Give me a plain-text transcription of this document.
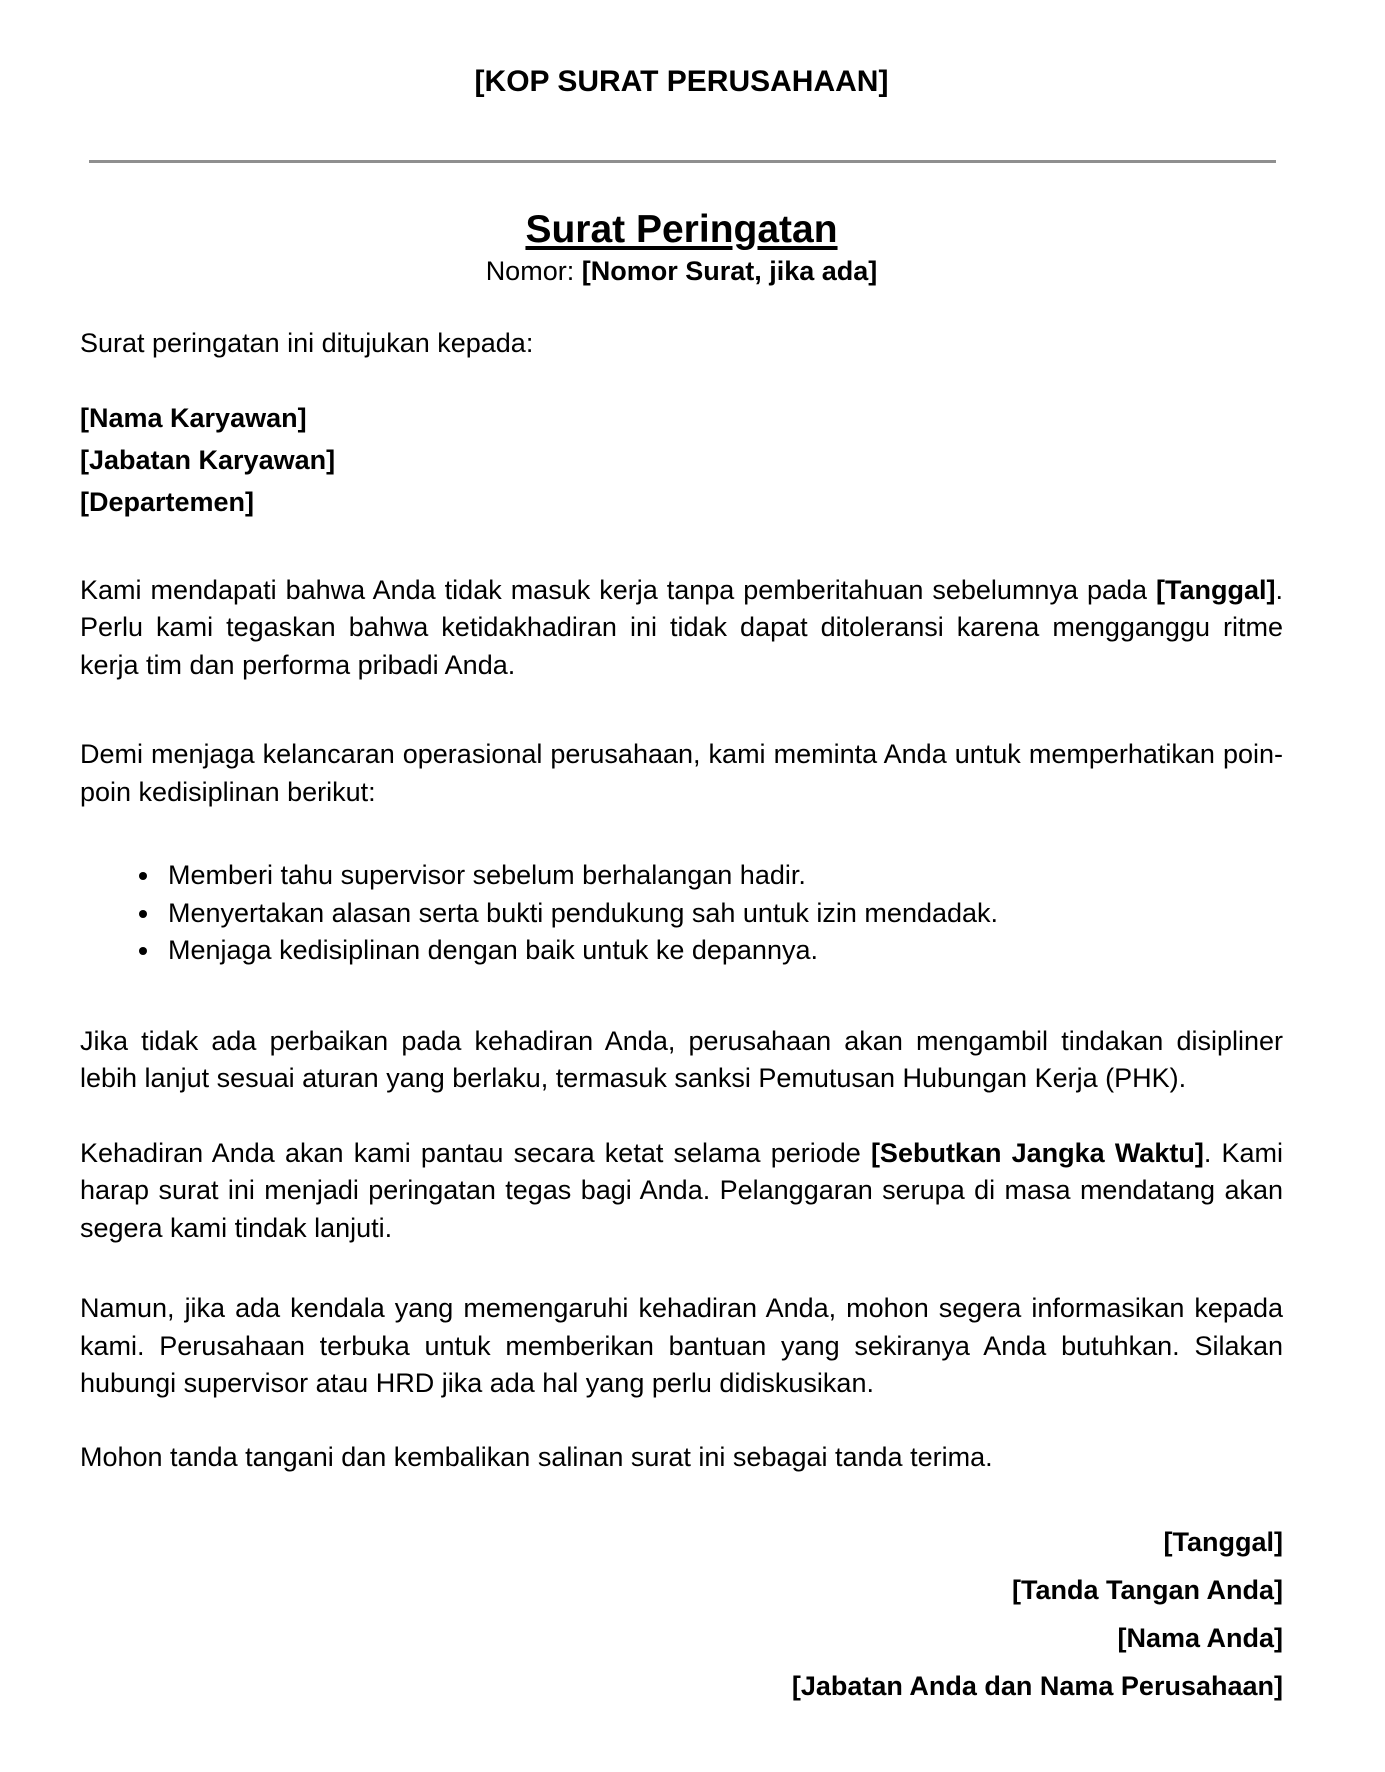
[KOP SURAT PERUSAHAAN]
Surat Peringatan
Nomor: [Nomor Surat, jika ada]

Surat peringatan ini ditujukan kepada:

[Nama Karyawan]
[Jabatan Karyawan]
[Departemen]

Kami mendapati bahwa Anda tidak masuk kerja tanpa pemberitahuan sebelumnya pada [Tanggal]. Perlu kami tegaskan bahwa ketidakhadiran ini tidak dapat ditoleransi karena mengganggu ritme kerja tim dan performa pribadi Anda.

Demi menjaga kelancaran operasional perusahaan, kami meminta Anda untuk memperhatikan poin-poin kedisiplinan berikut:

• Memberi tahu supervisor sebelum berhalangan hadir.
• Menyertakan alasan serta bukti pendukung sah untuk izin mendadak.
• Menjaga kedisiplinan dengan baik untuk ke depannya.

Jika tidak ada perbaikan pada kehadiran Anda, perusahaan akan mengambil tindakan disipliner lebih lanjut sesuai aturan yang berlaku, termasuk sanksi Pemutusan Hubungan Kerja (PHK).

Kehadiran Anda akan kami pantau secara ketat selama periode [Sebutkan Jangka Waktu]. Kami harap surat ini menjadi peringatan tegas bagi Anda. Pelanggaran serupa di masa mendatang akan segera kami tindak lanjuti.

Namun, jika ada kendala yang memengaruhi kehadiran Anda, mohon segera informasikan kepada kami. Perusahaan terbuka untuk memberikan bantuan yang sekiranya Anda butuhkan. Silakan hubungi supervisor atau HRD jika ada hal yang perlu didiskusikan.

Mohon tanda tangani dan kembalikan salinan surat ini sebagai tanda terima.

[Tanggal]
[Tanda Tangan Anda]
[Nama Anda]
[Jabatan Anda dan Nama Perusahaan]
